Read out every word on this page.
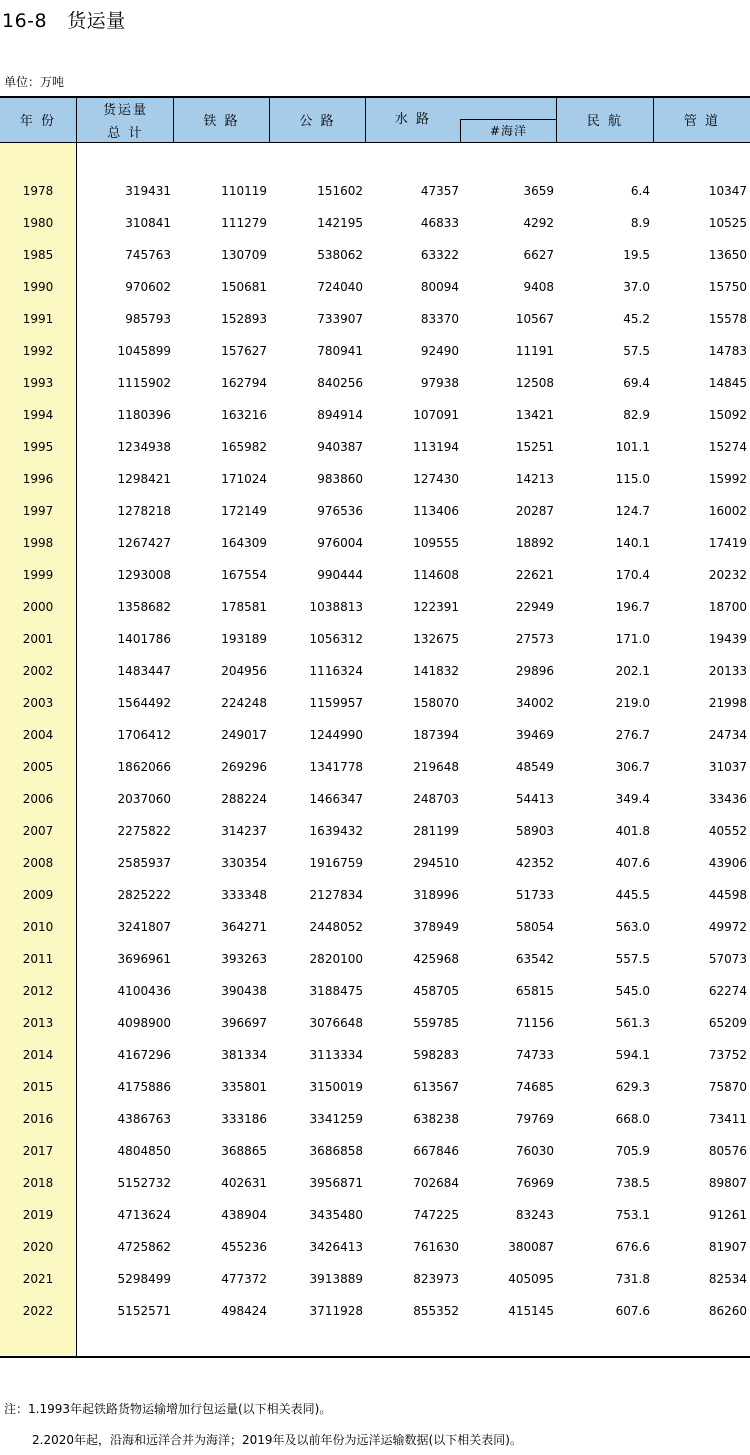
16-8 货运量
单位：万吨
年 份
货运量
总 计
铁 路	公 路	水 路
#海洋
民 航	管 道
1978	319431	110119	151602	47357	3659	6.4	10347
1980	310841	111279	142195	46833	4292	8.9	10525
1985	745763	130709	538062	63322	6627	19.5	13650
1990	970602	150681	724040	80094	9408	37.0	15750
1991	985793	152893	733907	83370	10567	45.2	15578
1992	1045899	157627	780941	92490	11191	57.5	14783
1993	1115902	162794	840256	97938	12508	69.4	14845
1994	1180396	163216	894914	107091	13421	82.9	15092
1995	1234938	165982	940387	113194	15251	101.1	15274
1996	1298421	171024	983860	127430	14213	115.0	15992
1997	1278218	172149	976536	113406	20287	124.7	16002
1998	1267427	164309	976004	109555	18892	140.1	17419
1999	1293008	167554	990444	114608	22621	170.4	20232
2000	1358682	178581	1038813	122391	22949	196.7	18700
2001	1401786	193189	1056312	132675	27573	171.0	19439
2002	1483447	204956	1116324	141832	29896	202.1	20133
2003	1564492	224248	1159957	158070	34002	219.0	21998
2004	1706412	249017	1244990	187394	39469	276.7	24734
2005	1862066	269296	1341778	219648	48549	306.7	31037
2006	2037060	288224	1466347	248703	54413	349.4	33436
2007	2275822	314237	1639432	281199	58903	401.8	40552
2008	2585937	330354	1916759	294510	42352	407.6	43906
2009	2825222	333348	2127834	318996	51733	445.5	44598
2010	3241807	364271	2448052	378949	58054	563.0	49972
2011	3696961	393263	2820100	425968	63542	557.5	57073
2012	4100436	390438	3188475	458705	65815	545.0	62274
2013	4098900	396697	3076648	559785	71156	561.3	65209
2014	4167296	381334	3113334	598283	74733	594.1	73752
2015	4175886	335801	3150019	613567	74685	629.3	75870
2016	4386763	333186	3341259	638238	79769	668.0	73411
2017	4804850	368865	3686858	667846	76030	705.9	80576
2018	5152732	402631	3956871	702684	76969	738.5	89807
2019	4713624	438904	3435480	747225	83243	753.1	91261
2020	4725862	455236	3426413	761630	380087	676.6	81907
2021	5298499	477372	3913889	823973	405095	731.8	82534
2022	5152571	498424	3711928	855352	415145	607.6	86260
注：1.1993年起铁路货物运输增加行包运量(以下相关表同)。
2.2020年起，沿海和远洋合并为海洋；2019年及以前年份为远洋运输数据(以下相关表同)。
